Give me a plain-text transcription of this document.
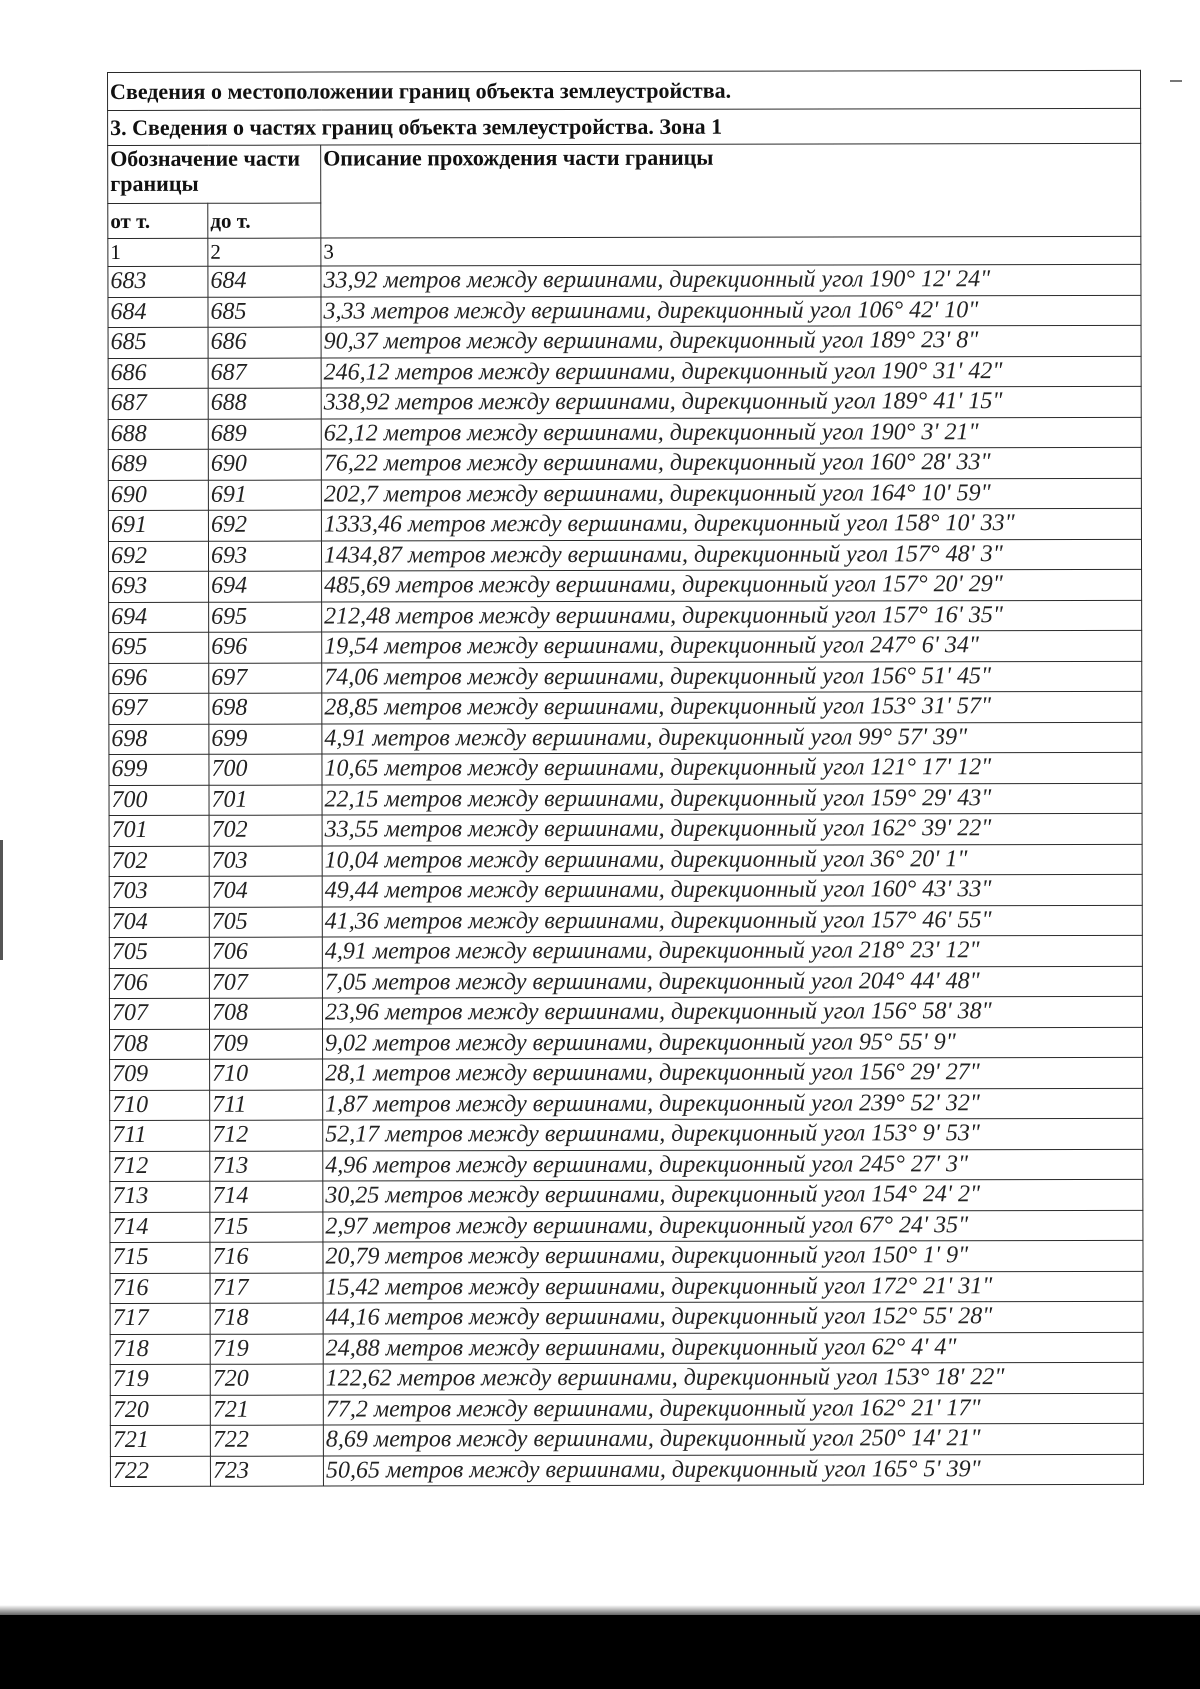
Сведения о местоположении границ объекта землеустройства.		
3. Сведения о частях границ объекта землеустройства. Зона 1		
Обозначение части границы		Описание прохождения части границы
от т.	до т.	
1	2	3
683	684	33,92 метров между вершинами, дирекционный угол 190° 12' 24"
684	685	3,33 метров между вершинами, дирекционный угол 106° 42' 10"
685	686	90,37 метров между вершинами, дирекционный угол 189° 23' 8"
686	687	246,12 метров между вершинами, дирекционный угол 190° 31' 42"
687	688	338,92 метров между вершинами, дирекционный угол 189° 41' 15"
688	689	62,12 метров между вершинами, дирекционный угол 190° 3' 21"
689	690	76,22 метров между вершинами, дирекционный угол 160° 28' 33"
690	691	202,7 метров между вершинами, дирекционный угол 164° 10' 59"
691	692	1333,46 метров между вершинами, дирекционный угол 158° 10' 33"
692	693	1434,87 метров между вершинами, дирекционный угол 157° 48' 3"
693	694	485,69 метров между вершинами, дирекционный угол 157° 20' 29"
694	695	212,48 метров между вершинами, дирекционный угол 157° 16' 35"
695	696	19,54 метров между вершинами, дирекционный угол 247° 6' 34"
696	697	74,06 метров между вершинами, дирекционный угол 156° 51' 45"
697	698	28,85 метров между вершинами, дирекционный угол 153° 31' 57"
698	699	4,91 метров между вершинами, дирекционный угол 99° 57' 39"
699	700	10,65 метров между вершинами, дирекционный угол 121° 17' 12"
700	701	22,15 метров между вершинами, дирекционный угол 159° 29' 43"
701	702	33,55 метров между вершинами, дирекционный угол 162° 39' 22"
702	703	10,04 метров между вершинами, дирекционный угол 36° 20' 1"
703	704	49,44 метров между вершинами, дирекционный угол 160° 43' 33"
704	705	41,36 метров между вершинами, дирекционный угол 157° 46' 55"
705	706	4,91 метров между вершинами, дирекционный угол 218° 23' 12"
706	707	7,05 метров между вершинами, дирекционный угол 204° 44' 48"
707	708	23,96 метров между вершинами, дирекционный угол 156° 58' 38"
708	709	9,02 метров между вершинами, дирекционный угол 95° 55' 9"
709	710	28,1 метров между вершинами, дирекционный угол 156° 29' 27"
710	711	1,87 метров между вершинами, дирекционный угол 239° 52' 32"
711	712	52,17 метров между вершинами, дирекционный угол 153° 9' 53"
712	713	4,96 метров между вершинами, дирекционный угол 245° 27' 3"
713	714	30,25 метров между вершинами, дирекционный угол 154° 24' 2"
714	715	2,97 метров между вершинами, дирекционный угол 67° 24' 35"
715	716	20,79 метров между вершинами, дирекционный угол 150° 1' 9"
716	717	15,42 метров между вершинами, дирекционный угол 172° 21' 31"
717	718	44,16 метров между вершинами, дирекционный угол 152° 55' 28"
718	719	24,88 метров между вершинами, дирекционный угол 62° 4' 4"
719	720	122,62 метров между вершинами, дирекционный угол 153° 18' 22"
720	721	77,2 метров между вершинами, дирекционный угол 162° 21' 17"
721	722	8,69 метров между вершинами, дирекционный угол 250° 14' 21"
722	723	50,65 метров между вершинами, дирекционный угол 165° 5' 39"
